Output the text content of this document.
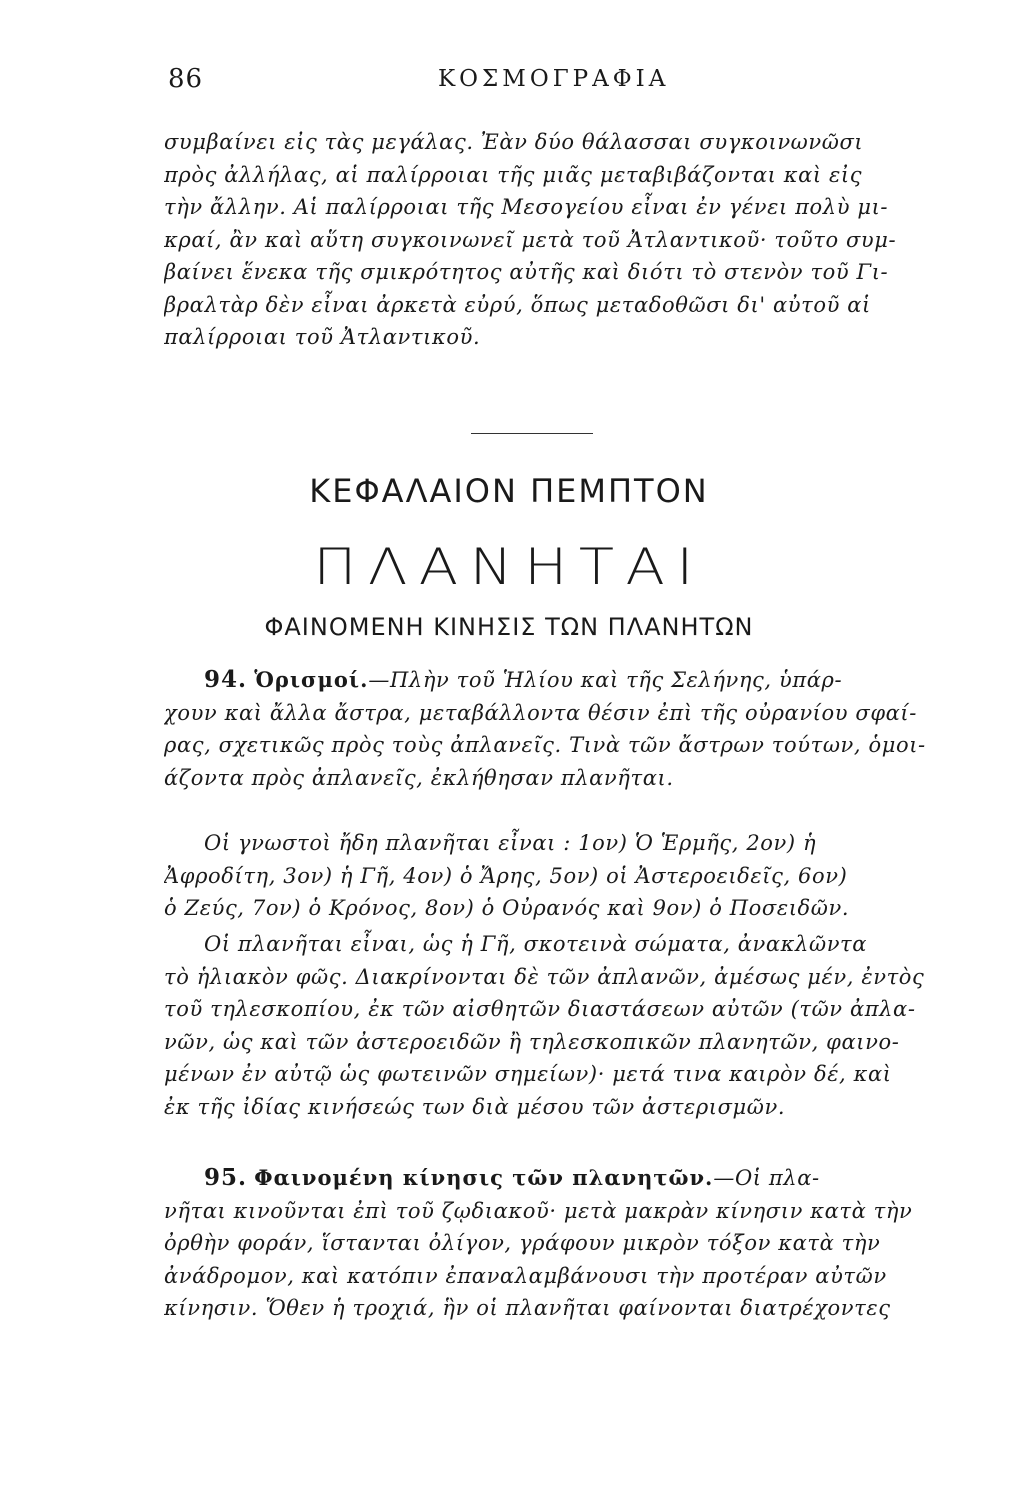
86	ΚΟΣΜΟΓΡΑΦΙΑ
συμβαίνει εἰς τὰς μεγάλας. Ἐὰν δύο θάλασσαι συγκοινωνῶσι
πρὸς ἀλλήλας, αἱ παλίρροιαι τῆς μιᾶς μεταβιβάζονται καὶ εἰς
τὴν ἄλλην. Αἱ παλίρροιαι τῆς Μεσογείου εἶναι ἐν γένει πολὺ μι-
κραί, ἂν καὶ αὕτη συγκοινωνεῖ μετὰ τοῦ Ἀτλαντικοῦ· τοῦτο συμ-
βαίνει ἕνεκα τῆς σμικρότητος αὐτῆς καὶ διότι τὸ στενὸν τοῦ Γι-
βραλτὰρ δὲν εἶναι ἀρκετὰ εὐρύ, ὅπως μεταδοθῶσι δι' αὐτοῦ αἱ
παλίρροιαι τοῦ Ἀτλαντικοῦ.
ΚΕΦΑΛΑΙΟΝ ΠΕΜΠΤΟΝ
ΠΛΑΝΗΤΑΙ
ΦΑΙΝΟΜΕΝΗ ΚΙΝΗΣΙΣ ΤΩΝ ΠΛΑΝΗΤΩΝ
94. Ὁρισμοί.—Πλὴν τοῦ Ἡλίου καὶ τῆς Σελήνης, ὑπάρ-
χουν καὶ ἄλλα ἄστρα, μεταβάλλοντα θέσιν ἐπὶ τῆς οὐρανίου σφαί-
ρας, σχετικῶς πρὸς τοὺς ἀπλανεῖς. Τινὰ τῶν ἄστρων τούτων, ὁμοι-
άζοντα πρὸς ἀπλανεῖς, ἐκλήθησαν πλανῆται.
Οἱ γνωστοὶ ἤδη πλανῆται εἶναι : 1ον) Ὁ Ἑρμῆς, 2ον) ἡ
Ἀφροδίτη, 3ον) ἡ Γῆ, 4ον) ὁ Ἄρης, 5ον) οἱ Ἀστεροειδεῖς, 6ον)
ὁ Ζεύς, 7ον) ὁ Κρόνος, 8ον) ὁ Οὐρανός καὶ 9ον) ὁ Ποσειδῶν.
Οἱ πλανῆται εἶναι, ὡς ἡ Γῆ, σκοτεινὰ σώματα, ἀνακλῶντα
τὸ ἡλιακὸν φῶς. Διακρίνονται δὲ τῶν ἀπλανῶν, ἀμέσως μέν, ἐντὸς
τοῦ τηλεσκοπίου, ἐκ τῶν αἰσθητῶν διαστάσεων αὐτῶν (τῶν ἀπλα-
νῶν, ὡς καὶ τῶν ἀστεροειδῶν ἢ τηλεσκοπικῶν πλανητῶν, φαινο-
μένων ἐν αὐτῷ ὡς φωτεινῶν σημείων)· μετά τινα καιρὸν δέ, καὶ
ἐκ τῆς ἰδίας κινήσεώς των διὰ μέσου τῶν ἀστερισμῶν.
95. Φαινομένη κίνησις τῶν πλανητῶν.—Οἱ πλα-
νῆται κινοῦνται ἐπὶ τοῦ ζῳδιακοῦ· μετὰ μακρὰν κίνησιν κατὰ τὴν
ὀρθὴν φοράν, ἵστανται ὀλίγον, γράφουν μικρὸν τόξον κατὰ τὴν
ἀνάδρομον, καὶ κατόπιν ἐπαναλαμβάνουσι τὴν προτέραν αὐτῶν
κίνησιν. Ὅθεν ἡ τροχιά, ἣν οἱ πλανῆται φαίνονται διατρέχοντες
